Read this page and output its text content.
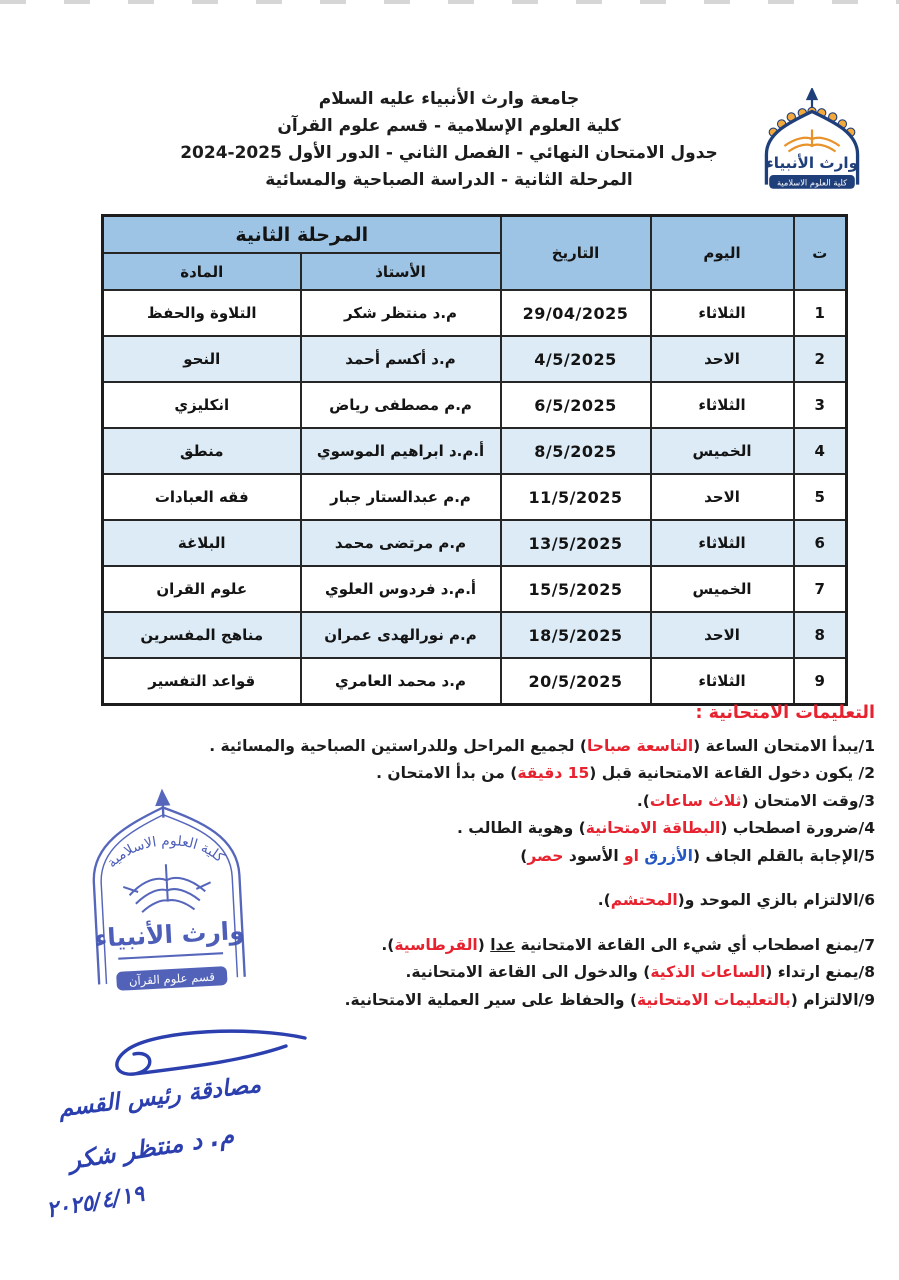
جامعة وارث الأنبياء عليه السلام
كلية العلوم الإسلامية - قسم علوم القرآن
جدول الامتحان النهائي - الفصل الثاني - الدور الأول 2025-2024
المرحلة الثانية - الدراسة الصباحية والمسائية
وارث الأنبياء
كلية العلوم الاسلامية
ت	اليوم	التاريخ	المرحلة الثانية	
			الأستاذ	المادة
1	الثلاثاء	29/04/2025	م.د منتظر شكر	التلاوة والحفظ
2	الاحد	4/5/2025	م.د أكسم أحمد	النحو
3	الثلاثاء	6/5/2025	م.م مصطفى رياض	انكليزي
4	الخميس	8/5/2025	أ.م.د ابراهيم الموسوي	منطق
5	الاحد	11/5/2025	م.م عبدالستار جبار	فقه العبادات
6	الثلاثاء	13/5/2025	م.م مرتضى محمد	البلاغة
7	الخميس	15/5/2025	أ.م.د فردوس العلوي	علوم القران
8	الاحد	18/5/2025	م.م نورالهدى عمران	مناهج المفسرين
9	الثلاثاء	20/5/2025	م.د محمد العامري	قواعد التفسير
التعليمات الامتحانية :
1/يبدأ الامتحان الساعة (التاسعة صباحا) لجميع المراحل وللدراستين الصباحية والمسائية .
2/ يكون دخول القاعة الامتحانية قبل (15 دقيقة) من بدأ الامتحان .
3/وقت الامتحان (ثلاث ساعات).
4/ضرورة اصطحاب (البطاقة الامتحانية) وهوية الطالب .
5/الإجابة بالقلم الجاف (الأزرق او الأسود حصر)
6/الالتزام بالزي الموحد و(المحتشم).
7/يمنع اصطحاب أي شيء الى القاعة الامتحانية عدا (القرطاسية).
8/يمنع ارتداء (الساعات الذكية) والدخول الى القاعة الامتحانية.
9/الالتزام (بالتعليمات الامتحانية) والحفاظ على سير العملية الامتحانية.
كلية العلوم الاسلامية
وارث الأنبياء
قسم علوم القرآن
مصادقة رئيس القسم
م. د منتظر شكر
٢٠٢٥/٤/١٩
